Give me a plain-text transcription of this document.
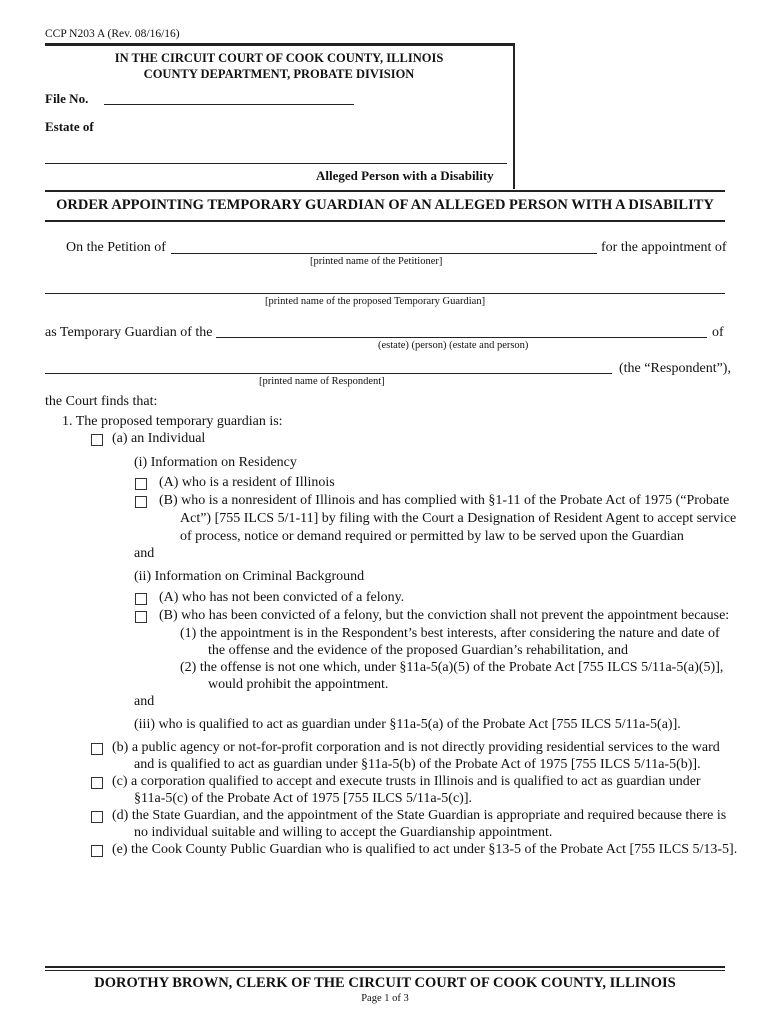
CCP N203 A (Rev. 08/16/16)
IN THE CIRCUIT COURT OF COOK COUNTY, ILLINOIS
COUNTY DEPARTMENT, PROBATE DIVISION
File No.
Estate of
Alleged Person with a Disability
ORDER APPOINTING TEMPORARY GUARDIAN OF AN ALLEGED PERSON WITH A DISABILITY
On the Petition of	for the appointment of
[printed name of the Petitioner]
[printed name of the proposed Temporary Guardian]
as Temporary Guardian of the	of
(estate) (person) (estate and person)
(the “Respondent”),
[printed name of Respondent]
the Court finds that:
1. The proposed temporary guardian is:
(a) an Individual
(i) Information on Residency
(A) who is a resident of Illinois
(B) who is a nonresident of Illinois and has complied with §1-11 of the Probate Act of 1975 (“Probate
Act”) [755 ILCS 5/1-11] by filing with the Court a Designation of Resident Agent to accept service
of process, notice or demand required or permitted by law to be served upon the Guardian
and
(ii) Information on Criminal Background
(A) who has not been convicted of a felony.
(B) who has been convicted of a felony, but the conviction shall not prevent the appointment because:
(1) the appointment is in the Respondent’s best interests, after considering the nature and date of
the offense and the evidence of the proposed Guardian’s rehabilitation, and
(2) the offense is not one which, under §11a-5(a)(5) of the Probate Act [755 ILCS 5/11a-5(a)(5)],
would prohibit the appointment.
and
(iii) who is qualified to act as guardian under §11a-5(a) of the Probate Act [755 ILCS 5/11a-5(a)].
(b) a public agency or not-for-profit corporation and is not directly providing residential services to the ward
and is qualified to act as guardian under §11a-5(b) of the Probate Act of 1975 [755 ILCS 5/11a-5(b)].
(c) a corporation qualified to accept and execute trusts in Illinois and is qualified to act as guardian under
§11a-5(c) of the Probate Act of 1975 [755 ILCS 5/11a-5(c)].
(d) the State Guardian, and the appointment of the State Guardian is appropriate and required because there is
no individual suitable and willing to accept the Guardianship appointment.
(e) the Cook County Public Guardian who is qualified to act under §13-5 of the Probate Act [755 ILCS 5/13-5].
DOROTHY BROWN, CLERK OF THE CIRCUIT COURT OF COOK COUNTY, ILLINOIS
Page 1 of 3
